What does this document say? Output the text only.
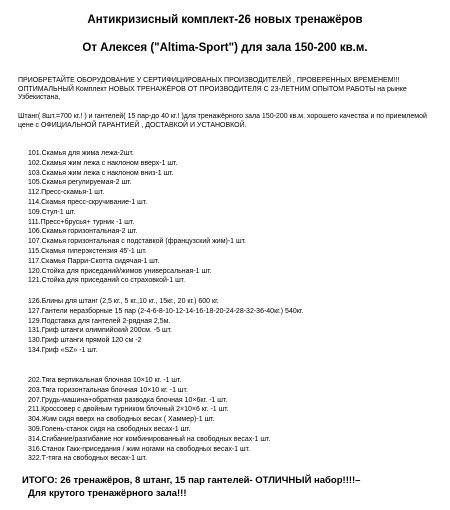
Антикризисный комплект-26 новых тренажёров
От Алексея ("Altima-Sport") для зала 150-200 кв.м.

ПРИОБРЕТАЙТЕ ОБОРУДОВАНИЕ У СЕРТИФИЦИРОВАНЫХ ПРОИЗВОДИТЕЛЕЙ , ПРОВЕРЕННЫХ ВРЕМЕНЕМ!!! ОПТИМАЛЬНЫЙ Комплект НОВЫХ ТРЕНАЖЁРОВ ОТ ПРОИЗВОДИТЕЛЯ С 23-ЛЕТНИМ ОПЫТОМ РАБОТЫ на рынке Узбекистана,

Штанг( 8шт.=700 кг.! ) и гантелей( 15 пар-до 40 кг.! )для тренажёрного зала 150-200 кв.м. хорошего качества и по приемлемой цене с ОФИЦИАЛЬНОЙ ГАРАНТИЕЙ , ДОСТАВКОЙ И УСТАНОВКОЙ.

101.Скамья для жима лежа-2шт.
102.Скамья жим лежа с наклоном вверх-1 шт.
103.Скамья жим лежа с наклоном вниз-1 шт.
105.Скамья регулируемая-2 шт.
112.Пресс-скамья-1 шт.
114.Скамья пресс-скручивание-1 шт.
109.Стул-1 шт.
111.Пресс+брусья+ турник -1 шт.
106.Скамья горизонтальная-2 шт.
107.Скамья горизонтальная с подставкой (французский жим)-1 шт.
115.Скамья гиперэкстензия 45'-1 шт.
117.Скамья Парри-Скотта сидячая-1 шт.
120.Стойка для приседаний/жимов универсальная-1 шт.
121.Стойка для приседаний со страховкой-1 шт.
126.Блины для штанг (2,5 кг., 5 кг.,10 кг., 15кг., 20 кг.) 600 кг.
127.Гантели неразборные 15 пар (2-4-6-8-10-12-14-16-18-20-24-28-32-36-40кг.) 540кг.
129.Подставка для гантелей 2-рядная 2,5м.
131.Гриф штанги олимпийский 200см. -5 шт.
130.Гриф штанги прямой 120 см -2
134.Гриф «SZ» -1 шт.
202.Тяга вертикальная блочная 10×10 кг. -1 шт.
203.Тяга горизонтальная блочная 10×10 кг. -1 шт.
207.Грудь-машина+обратная разводка блочная 10×6кг. -1 шт.
211.Кроссовер с двойным турником блочный 2×10×6 кг. -1 шт.
304.Жим сидя вверх на свободных весах ( Хаммер)-1 шт.
309.Голень-станок сидя на свободных весах-1 шт.
314.Сгибание/разгибание ног комбинированный на свободных весах-1 шт.
316.Станок Гакк-приседания / жим ногами на свободных весах-1 шт.
322.Т-тяга на свободных весах-1 шт.

ИТОГО: 26 тренажёров, 8 штанг, 15 пар гантелей- ОТЛИЧНЫЙ набор!!!!–

Для крутого тренажёрного зала!!!
